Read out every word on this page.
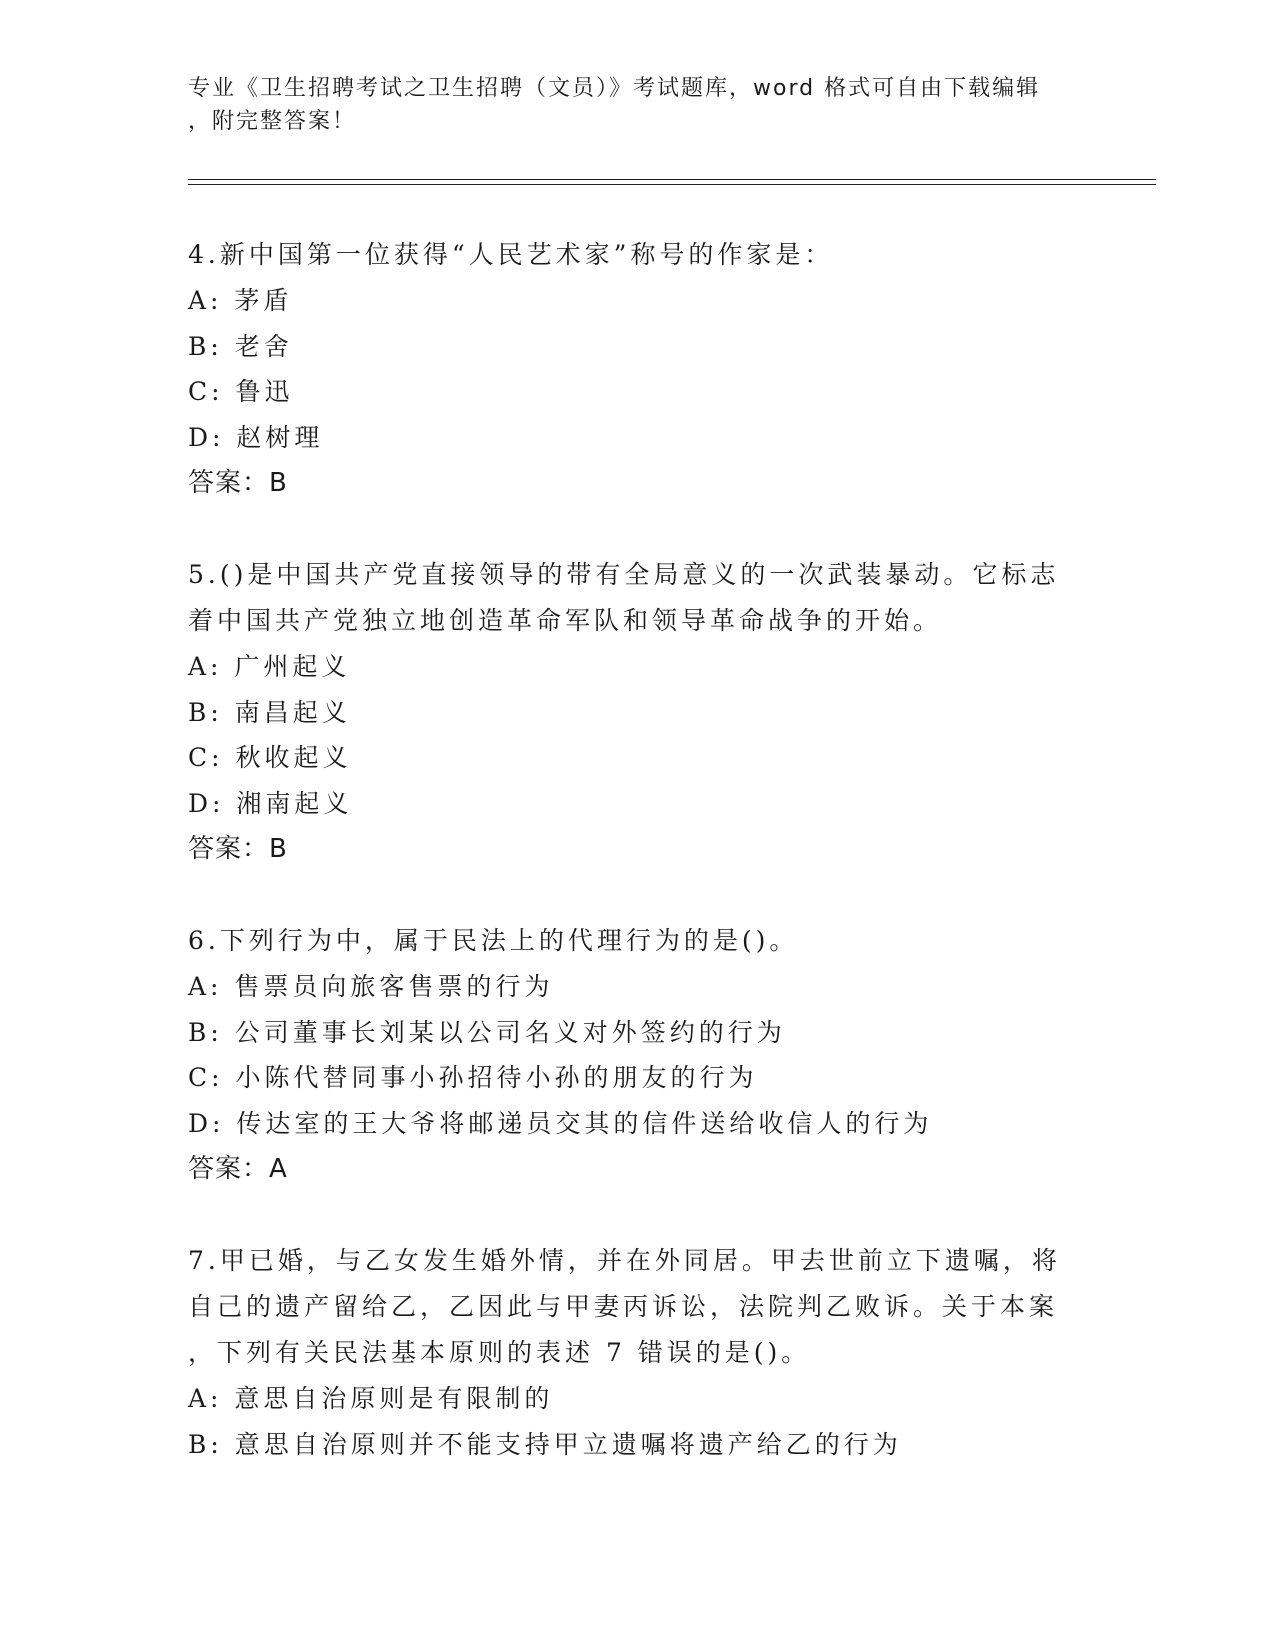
专业《卫生招聘考试之卫生招聘（文员）》考试题库，word 格式可自由下载编辑
，附完整答案！
4.新中国第一位获得“人民艺术家”称号的作家是：
A: 茅盾
B: 老舍
C: 鲁迅
D: 赵树理
答案：B
5.()是中国共产党直接领导的带有全局意义的一次武装暴动。它标志
着中国共产党独立地创造革命军队和领导革命战争的开始。
A: 广州起义
B: 南昌起义
C: 秋收起义
D: 湘南起义
答案：B
6.下列行为中，属于民法上的代理行为的是()。
A: 售票员向旅客售票的行为
B: 公司董事长刘某以公司名义对外签约的行为
C: 小陈代替同事小孙招待小孙的朋友的行为
D: 传达室的王大爷将邮递员交其的信件送给收信人的行为
答案：A
7.甲已婚，与乙女发生婚外情，并在外同居。甲去世前立下遗嘱，将
自己的遗产留给乙，乙因此与甲妻丙诉讼，法院判乙败诉。关于本案
，下列有关民法基本原则的表述 7 错误的是()。
A: 意思自治原则是有限制的
B: 意思自治原则并不能支持甲立遗嘱将遗产给乙的行为
